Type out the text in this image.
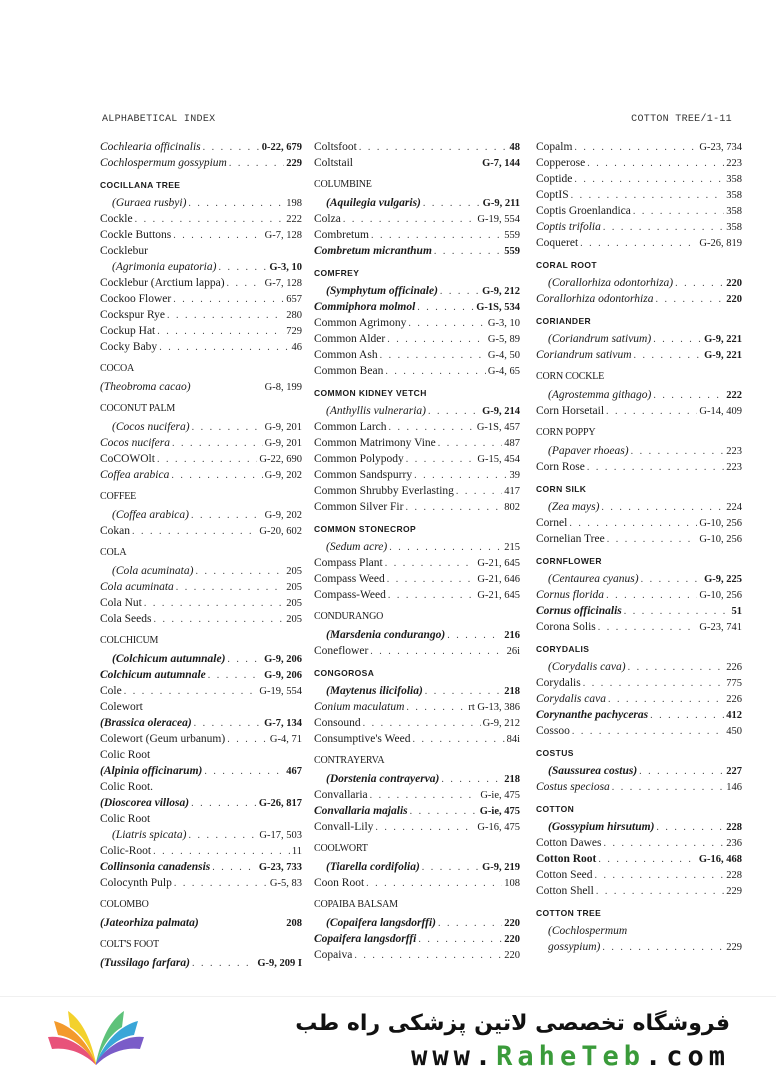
ALPHABETICAL INDEX	COTTON TREE/1-11
Cochlearia officinalis . . .	0-22, 679
Cochlospermum gossypium . . .	229
COCILLANA TREE
(Guraea rusbyi) . . .	198
Cockle . . .	222
Cockle Buttons . . .	G-7, 128
Cocklebur
(Agrimonia eupatoria) . . .	G-3, 10
Cocklebur (Arctium lappa) . . .	G-7, 128
Cockoo Flower . . .	657
Cockspur Rye . . .	280
Cockup Hat . . .	729
Cocky Baby . . .	46
COCOA
(Theobroma cacao)	G-8, 199
COCONUT PALM
(Cocos nucifera) . . .	G-9, 201
Cocos nucifera . . .	G-9, 201
CoCOWOlt . . .	G-22, 690
Coffea arabica . . .	G-9, 202
COFFEE
(Coffea arabica) . . .	G-9, 202
Cokan . . .	G-20, 602
COLA
(Cola acuminata) . . .	205
Cola acuminata . . .	205
Cola Nut . . .	205
Cola Seeds . . .	205
COLCHICUM
(Colchicum autumnale) . . .	G-9, 206
Colchicum autumnale . . .	G-9, 206
Cole . . .	G-19, 554
Colewort
(Brassica oleracea) . . .	G-7, 134
Colewort (Geum urbanum) . . .	G-4, 71
Colic Root
(Alpinia officinarum) . . .	467
Colic Root.
(Dioscorea villosa) . . .	G-26, 817
Colic Root
(Liatris spicata) . . .	G-17, 503
Colic-Root . . .	11
Collinsonia canadensis . . .	G-23, 733
Colocynth Pulp . . .	G-5, 83
COLOMBO
(Jateorhiza palmata)	208
COLT'S FOOT
(Tussilago farfara) . . .	G-9, 209 I
Coltsfoot . . .	48
Coltstail	G-7, 144
COLUMBINE
(Aquilegia vulgaris) . . .	G-9, 211
Colza . . .	G-19, 554
Combretum . . .	559
Combretum micranthum . . .	559
COMFREY
(Symphytum officinale) . . .	G-9, 212
Commiphora molmol . . .	G-1S, 534
Common Agrimony . . .	G-3, 10
Common Alder . . .	G-5, 89
Common Ash . . .	G-4, 50
Common Bean . . .	G-4, 65
COMMON KIDNEY VETCH
(Anthyllis vulneraria) . . .	G-9, 214
Common Larch . . .	G-1S, 457
Common Matrimony Vine . . .	487
Common Polypody . . .	G-15, 454
Common Sandspurry . . .	39
Common Shrubby Everlasting . . .	417
Common Silver Fir . . .	802
COMMON STONECROP
(Sedum acre) . . .	215
Compass Plant . . .	G-21, 645
Compass Weed . . .	G-21, 646
Compass-Weed . . .	G-21, 645
CONDURANGO
(Marsdenia condurango) . . .	216
Coneflower . . .	26i
CONGOROSA
(Maytenus ilicifolia) . . .	218
Conium maculatum . . .	rt G-13, 386
Consound . . .	G-9, 212
Consumptive's Weed . . .	84i
CONTRAYERVA
(Dorstenia contrayerva) . . .	218
Convallaria . . .	G-ie, 475
Convallaria majalis . . .	G-ie, 475
Convall-Lily . . .	G-16, 475
COOLWORT
(Tiarella cordifolia) . . .	G-9, 219
Coon Root . . .	108
COPAIBA BALSAM
(Copaifera langsdorffi) . . .	220
Copaifera langsdorffi . . .	220
Copaiva . . .	220
Copalm . . .	G-23, 734
Copperose . . .	223
Coptide . . .	358
CoptIS . . .	358
Coptis Groenlandica . . .	358
Coptis trifolia . . .	358
Coqueret . . .	G-26, 819
CORAL ROOT
(Corallorhiza odontorhiza) . . .	220
Corallorhiza odontorhiza . . .	220
CORIANDER
(Coriandrum sativum) . . .	G-9, 221
Coriandrum sativum . . .	G-9, 221
CORN COCKLE
(Agrostemma githago) . . .	222
Corn Horsetail . . .	G-14, 409
CORN POPPY
(Papaver rhoeas) . . .	223
Corn Rose . . .	223
CORN SILK
(Zea mays) . . .	224
Cornel . . .	G-10, 256
Cornelian Tree . . .	G-10, 256
CORNFLOWER
(Centaurea cyanus) . . .	G-9, 225
Cornus florida . . .	G-10, 256
Cornus officinalis . . .	51
Corona Solis . . .	G-23, 741
CORYDALIS
(Corydalis cava) . . .	226
Corydalis . . .	775
Corydalis cava . . .	226
Corynanthe pachyceras . . .	412
Cossoo . . .	450
COSTUS
(Saussurea costus) . . .	227
Costus speciosa . . .	146
COTTON
(Gossypium hirsutum) . . .	228
Cotton Dawes . . .	236
Cotton Root . . .	G-16, 468
Cotton Seed . . .	228
Cotton Shell . . .	229
COTTON TREE
(Cochlospermum
gossypium) . . .	229
فروشگاه تخصصی لاتین پزشکی راه طب
www.RaheTeb.com
